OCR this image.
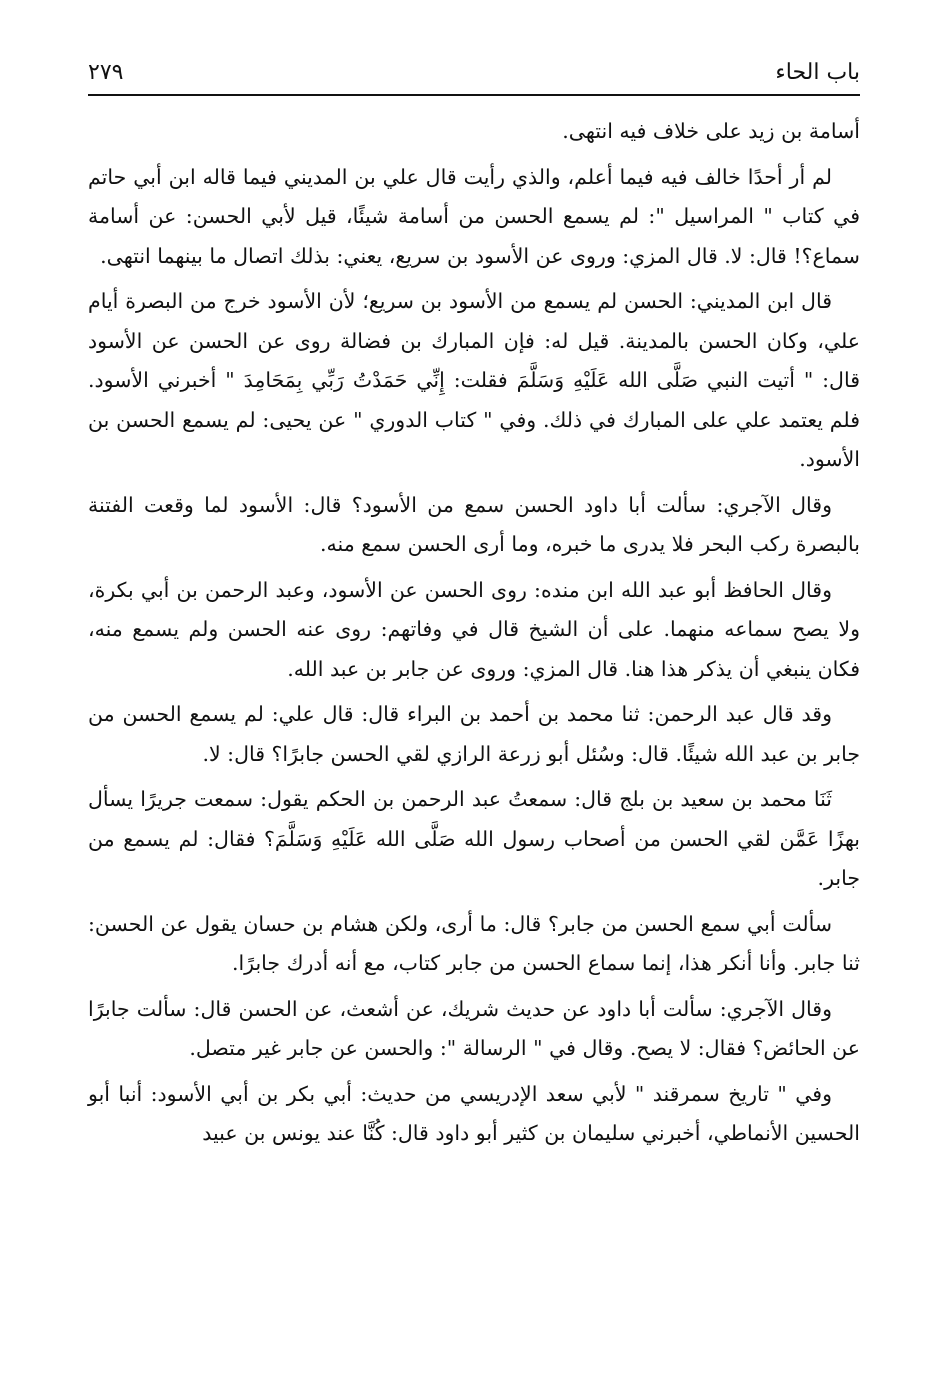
باب الحاء
٢٧٩

أسامة بن زيد على خلاف فيه انتهى.

لم أر أحدًا خالف فيه فيما أعلم، والذي رأيت قال علي بن المديني فيما قاله ابن أبي حاتم في كتاب " المراسيل ": لم يسمع الحسن من أسامة شيئًا، قيل لأبي الحسن: عن أسامة سماع؟! قال: لا. قال المزي: وروى عن الأسود بن سريع، يعني: بذلك اتصال ما بينهما انتهى.

قال ابن المديني: الحسن لم يسمع من الأسود بن سريع؛ لأن الأسود خرج من البصرة أيام علي، وكان الحسن بالمدينة. قيل له: فإن المبارك بن فضالة روى عن الحسن عن الأسود قال: " أتيت النبي صَلَّى الله عَلَيْهِ وَسَلَّمَ فقلت: إِنِّي حَمَدْتُ رَبِّي بِمَحَامِدَ " أخبرني الأسود. فلم يعتمد علي على المبارك في ذلك. وفي " كتاب الدوري " عن يحيى: لم يسمع الحسن بن الأسود.

وقال الآجري: سألت أبا داود الحسن سمع من الأسود؟ قال: الأسود لما وقعت الفتنة بالبصرة ركب البحر فلا يدرى ما خبره، وما أرى الحسن سمع منه.

وقال الحافظ أبو عبد الله ابن منده: روى الحسن عن الأسود، وعبد الرحمن بن أبي بكرة، ولا يصح سماعه منهما. على أن الشيخ قال في وفاتهم: روى عنه الحسن ولم يسمع منه، فكان ينبغي أن يذكر هذا هنا. قال المزي: وروى عن جابر بن عبد الله.

وقد قال عبد الرحمن: ثنا محمد بن أحمد بن البراء قال: قال علي: لم يسمع الحسن من جابر بن عبد الله شيئًا. قال: وسُئل أبو زرعة الرازي لقي الحسن جابرًا؟ قال: لا.

ثَنَا محمد بن سعيد بن بلج قال: سمعتُ عبد الرحمن بن الحكم يقول: سمعت جريرًا يسأل بهزًا عَمَّن لقي الحسن من أصحاب رسول الله صَلَّى الله عَلَيْهِ وَسَلَّمَ؟ فقال: لم يسمع من جابر.

سألت أبي سمع الحسن من جابر؟ قال: ما أرى، ولكن هشام بن حسان يقول عن الحسن: ثنا جابر. وأنا أنكر هذا، إنما سماع الحسن من جابر كتاب، مع أنه أدرك جابرًا.

وقال الآجري: سألت أبا داود عن حديث شريك، عن أشعث، عن الحسن قال: سألت جابرًا عن الحائض؟ فقال: لا يصح. وقال في " الرسالة ": والحسن عن جابر غير متصل.

وفي " تاريخ سمرقند " لأبي سعد الإدريسي من حديث: أبي بكر بن أبي الأسود: أنبا أبو الحسين الأنماطي، أخبرني سليمان بن كثير أبو داود قال: كُنَّا عند يونس بن عبيد
